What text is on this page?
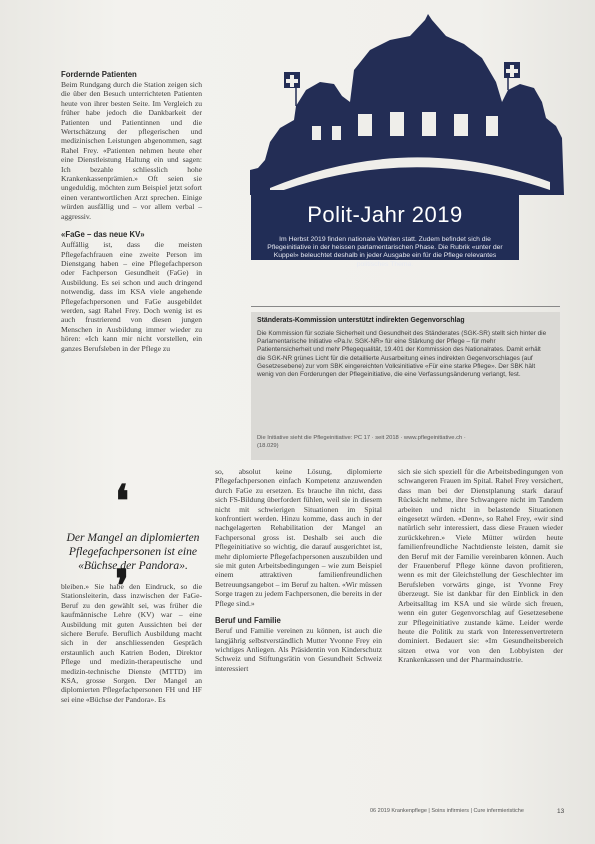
Polit-Jahr 2019
Im Herbst 2019 finden nationale Wahlen statt. Zudem befindet sich die Pflegeinitiative in der heissen parlamentarischen Phase. Die Rubrik «unter der Kuppel» beleuchtet deshalb in jeder Ausgabe ein für die Pflege relevantes politisches Thema.
Ständerats-Kommission unterstützt indirekten Gegenvorschlag
Die Kommission für soziale Sicherheit und Gesundheit des Ständerates (SGK-SR) stellt sich hinter die Parlamentarische Initiative «Pa.Iv. SGK-NR» für eine Stärkung der Pflege – für mehr Patientensicherheit und mehr Pflegequalität, 19.401 der Kommission des Nationalrates. Damit erhält die SGK-NR grünes Licht für die detaillierte Ausarbeitung eines indirekten Gegenvorschlages (auf Gesetzesebene) zur vom SBK eingereichten Volksinitiative «Für eine starke Pflege». Der SBK hält wenig von den Forderungen der Pflegeinitiative, die eine Verfassungsänderung verlangt, fest.
Die Initiative sieht die Pflegeinitiative: PC 17 · seit 2018 · www.pflegeinitiative.ch · (18.029)

Fordernde Patienten

Beim Rundgang durch die Station zeigen sich die über den Besuch unterrichteten Patienten heute von ihrer besten Seite. Im Vergleich zu früher habe jedoch die Dankbarkeit der Patienten und Patientinnen und die Wertschätzung der pflegerischen und medizinischen Leistungen abgenommen, sagt Rahel Frey. «Patienten nehmen heute eher eine Dienstleistung Haltung ein und sagen: Ich bezahle schliesslich hohe Krankenkassenprämien.» Oft seien sie ungeduldig, möchten zum Beispiel jetzt sofort einen verantwortlichen Arzt sprechen. Einige würden ausfällig und – vor allem verbal – aggressiv.

«FaGe – das neue KV»

Auffällig ist, dass die meisten Pflegefachfrauen eine zweite Person im Dienstgang haben – eine Pflegefachperson oder Fachperson Gesundheit (FaGe) in Ausbildung. Es sei schon und auch dringend notwendig, dass im KSA viele angehende Pflegefachpersonen und FaGe ausgebildet werden, sagt Rahel Frey. Doch wenig ist es auch frustrierend von diesen jungen Menschen in Ausbildung immer wieder zu hören: «Ich kann mir nicht vorstellen, ein ganzes Berufsleben in der Pflege zu

❛
Der Mangel an diplomierten Pflegefachpersonen ist eine «Büchse der Pandora».
❜

bleiben.» Sie habe den Eindruck, so die Stationsleiterin, dass inzwischen der FaGe-Beruf zu den gewählt sei, was früher die kaufmännische Lehre (KV) war – eine Ausbildung mit guten Aussichten bei der sichere Berufe. Beruflich Ausbildung macht sich in der anschliessenden Gespräch erstaunlich auch Katrien Boden, Direktor Pflege und medizin-therapeutische und medizin-technische Dienste (MTTD) im KSA, grosse Sorgen. Der Mangel an diplomierten Pflegefachpersonen FH und HF sei eine «Büchse der Pandora». Es

so, absolut keine Lösung, diplomierte Pflegefachpersonen einfach Kompetenz anzuwenden durch FaGe zu ersetzen. Es brauche ihn nicht, dass sich FS-Bildung überfordert fühlen, weil sie in diesem nicht mit schwierigen Situationen im Spital konfrontiert werden. Hinzu komme, dass auch in der nachgelagerten Rehabilitation der Mangel an Fachpersonal gross ist. Deshalb sei auch die Pflegeinitiative so wichtig, die darauf ausgerichtet ist, mehr diplomierte Pflegefachpersonen auszubilden und sie mit guten Arbeitsbedingungen – wie zum Beispiel einem attraktiven familienfreundlichen Betreuungsangebot – im Beruf zu halten. «Wir müssen Sorge tragen zu jedem Fachpersonen, die bereits in der Pflege sind.»

Beruf und Familie

Beruf und Familie vereinen zu können, ist auch die langjährig selbstverständlich Mutter Yvonne Frey ein wichtiges Anliegen. Als Präsidentin von Kinderschutz Schweiz und Stiftungsrätin von Gesundheit Schweiz interessiert

sich sie sich speziell für die Arbeitsbedingungen von schwangeren Frauen im Spital. Rahel Frey versichert, dass man bei der Dienstplanung stark darauf Rücksicht nehme, ihre Schwangere nicht im Tandem arbeiten und nicht in belastende Situationen eingesetzt würden. «Denn», so Rahel Frey, «wir sind natürlich sehr interessiert, dass diese Frauen wieder zurückkehren.» Viele Mütter würden heute familienfreundliche Nachtdienste leisten, damit sie den Beruf mit der Familie vereinbaren können. Auch der Frauenberuf Pflege könne davon profitieren, wenn es mit der Gleichstellung der Geschlechter im Berufsleben vorwärts ginge, ist Yvonne Frey überzeugt. Sie ist dankbar für den Einblick in den Arbeitsalltag im KSA und sie würde sich freuen, wenn ein guter Gegenvorschlag auf Gesetzesebene zur Pflegeinitiative zustande käme. Leider werde heute die Politik zu stark von Interessenvertretern dominiert. Bedauert sie: «Im Gesundheitsbereich sitzen etwa vor von den Lobbyisten der Krankenkassen und der Pharmaindustrie.

06 2019 Krankenpflege | Soins infirmiers | Cure infermieristiche	13
